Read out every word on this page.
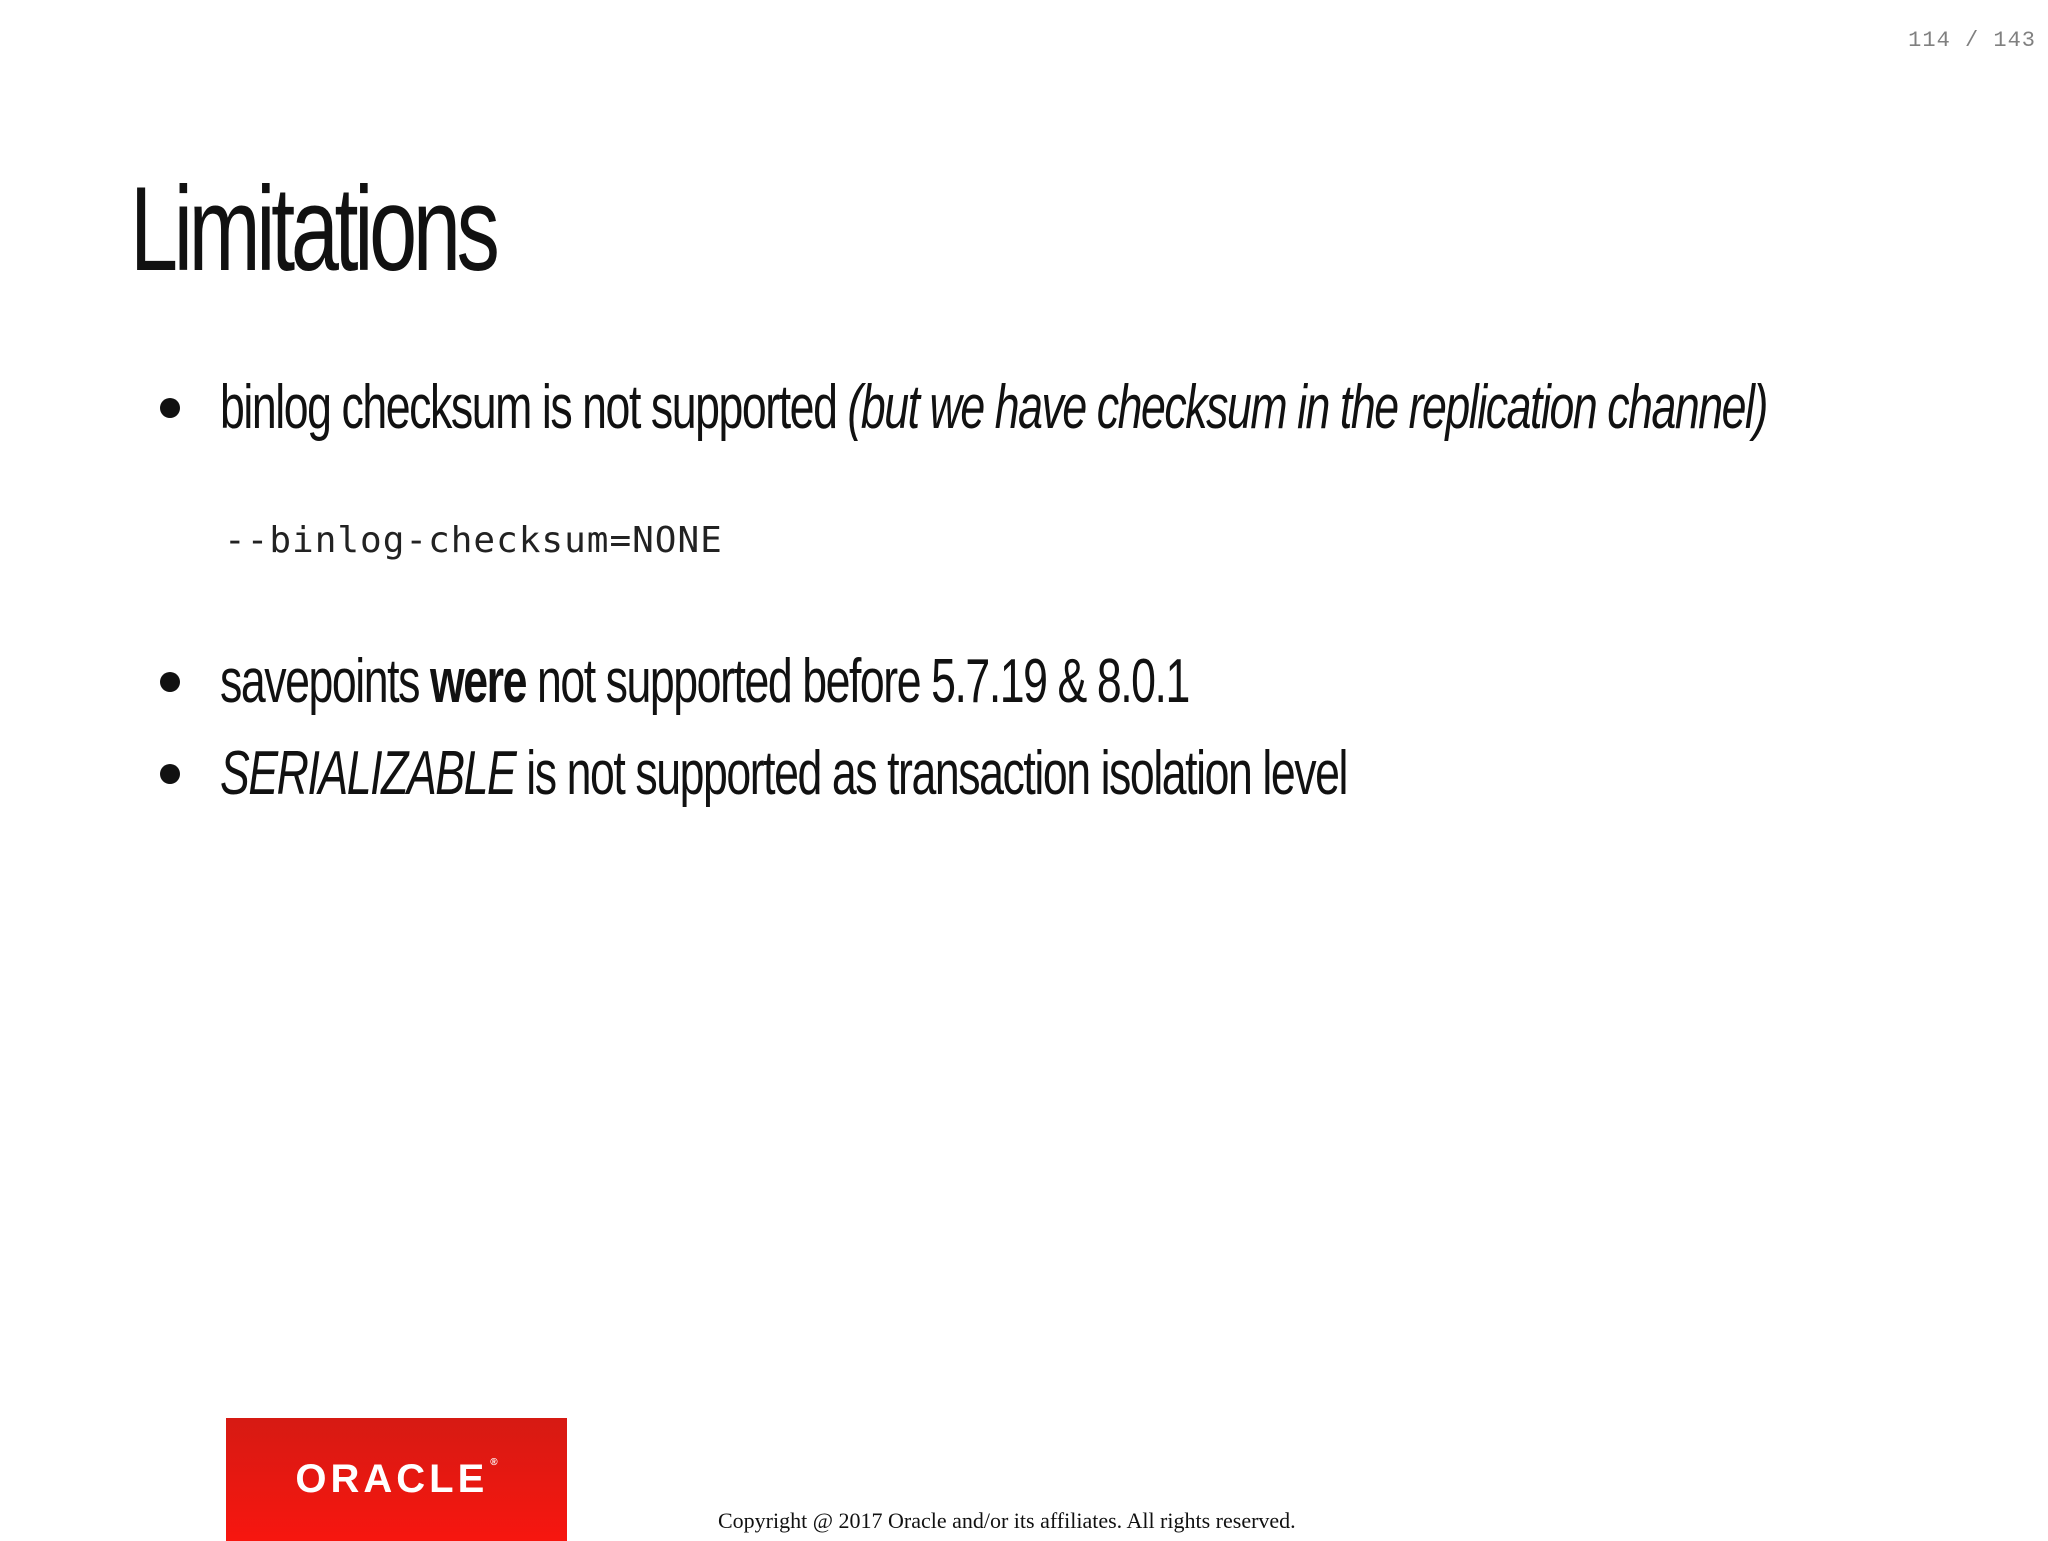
114 / 143
Limitations
binlog checksum is not supported (but we have checksum in the replication channel)
--binlog-checksum=NONE
savepoints were not supported before 5.7.19 & 8.0.1
SERIALIZABLE is not supported as transaction isolation level
ORACLE ®
Copyright @ 2017 Oracle and/or its affiliates. All rights reserved.
